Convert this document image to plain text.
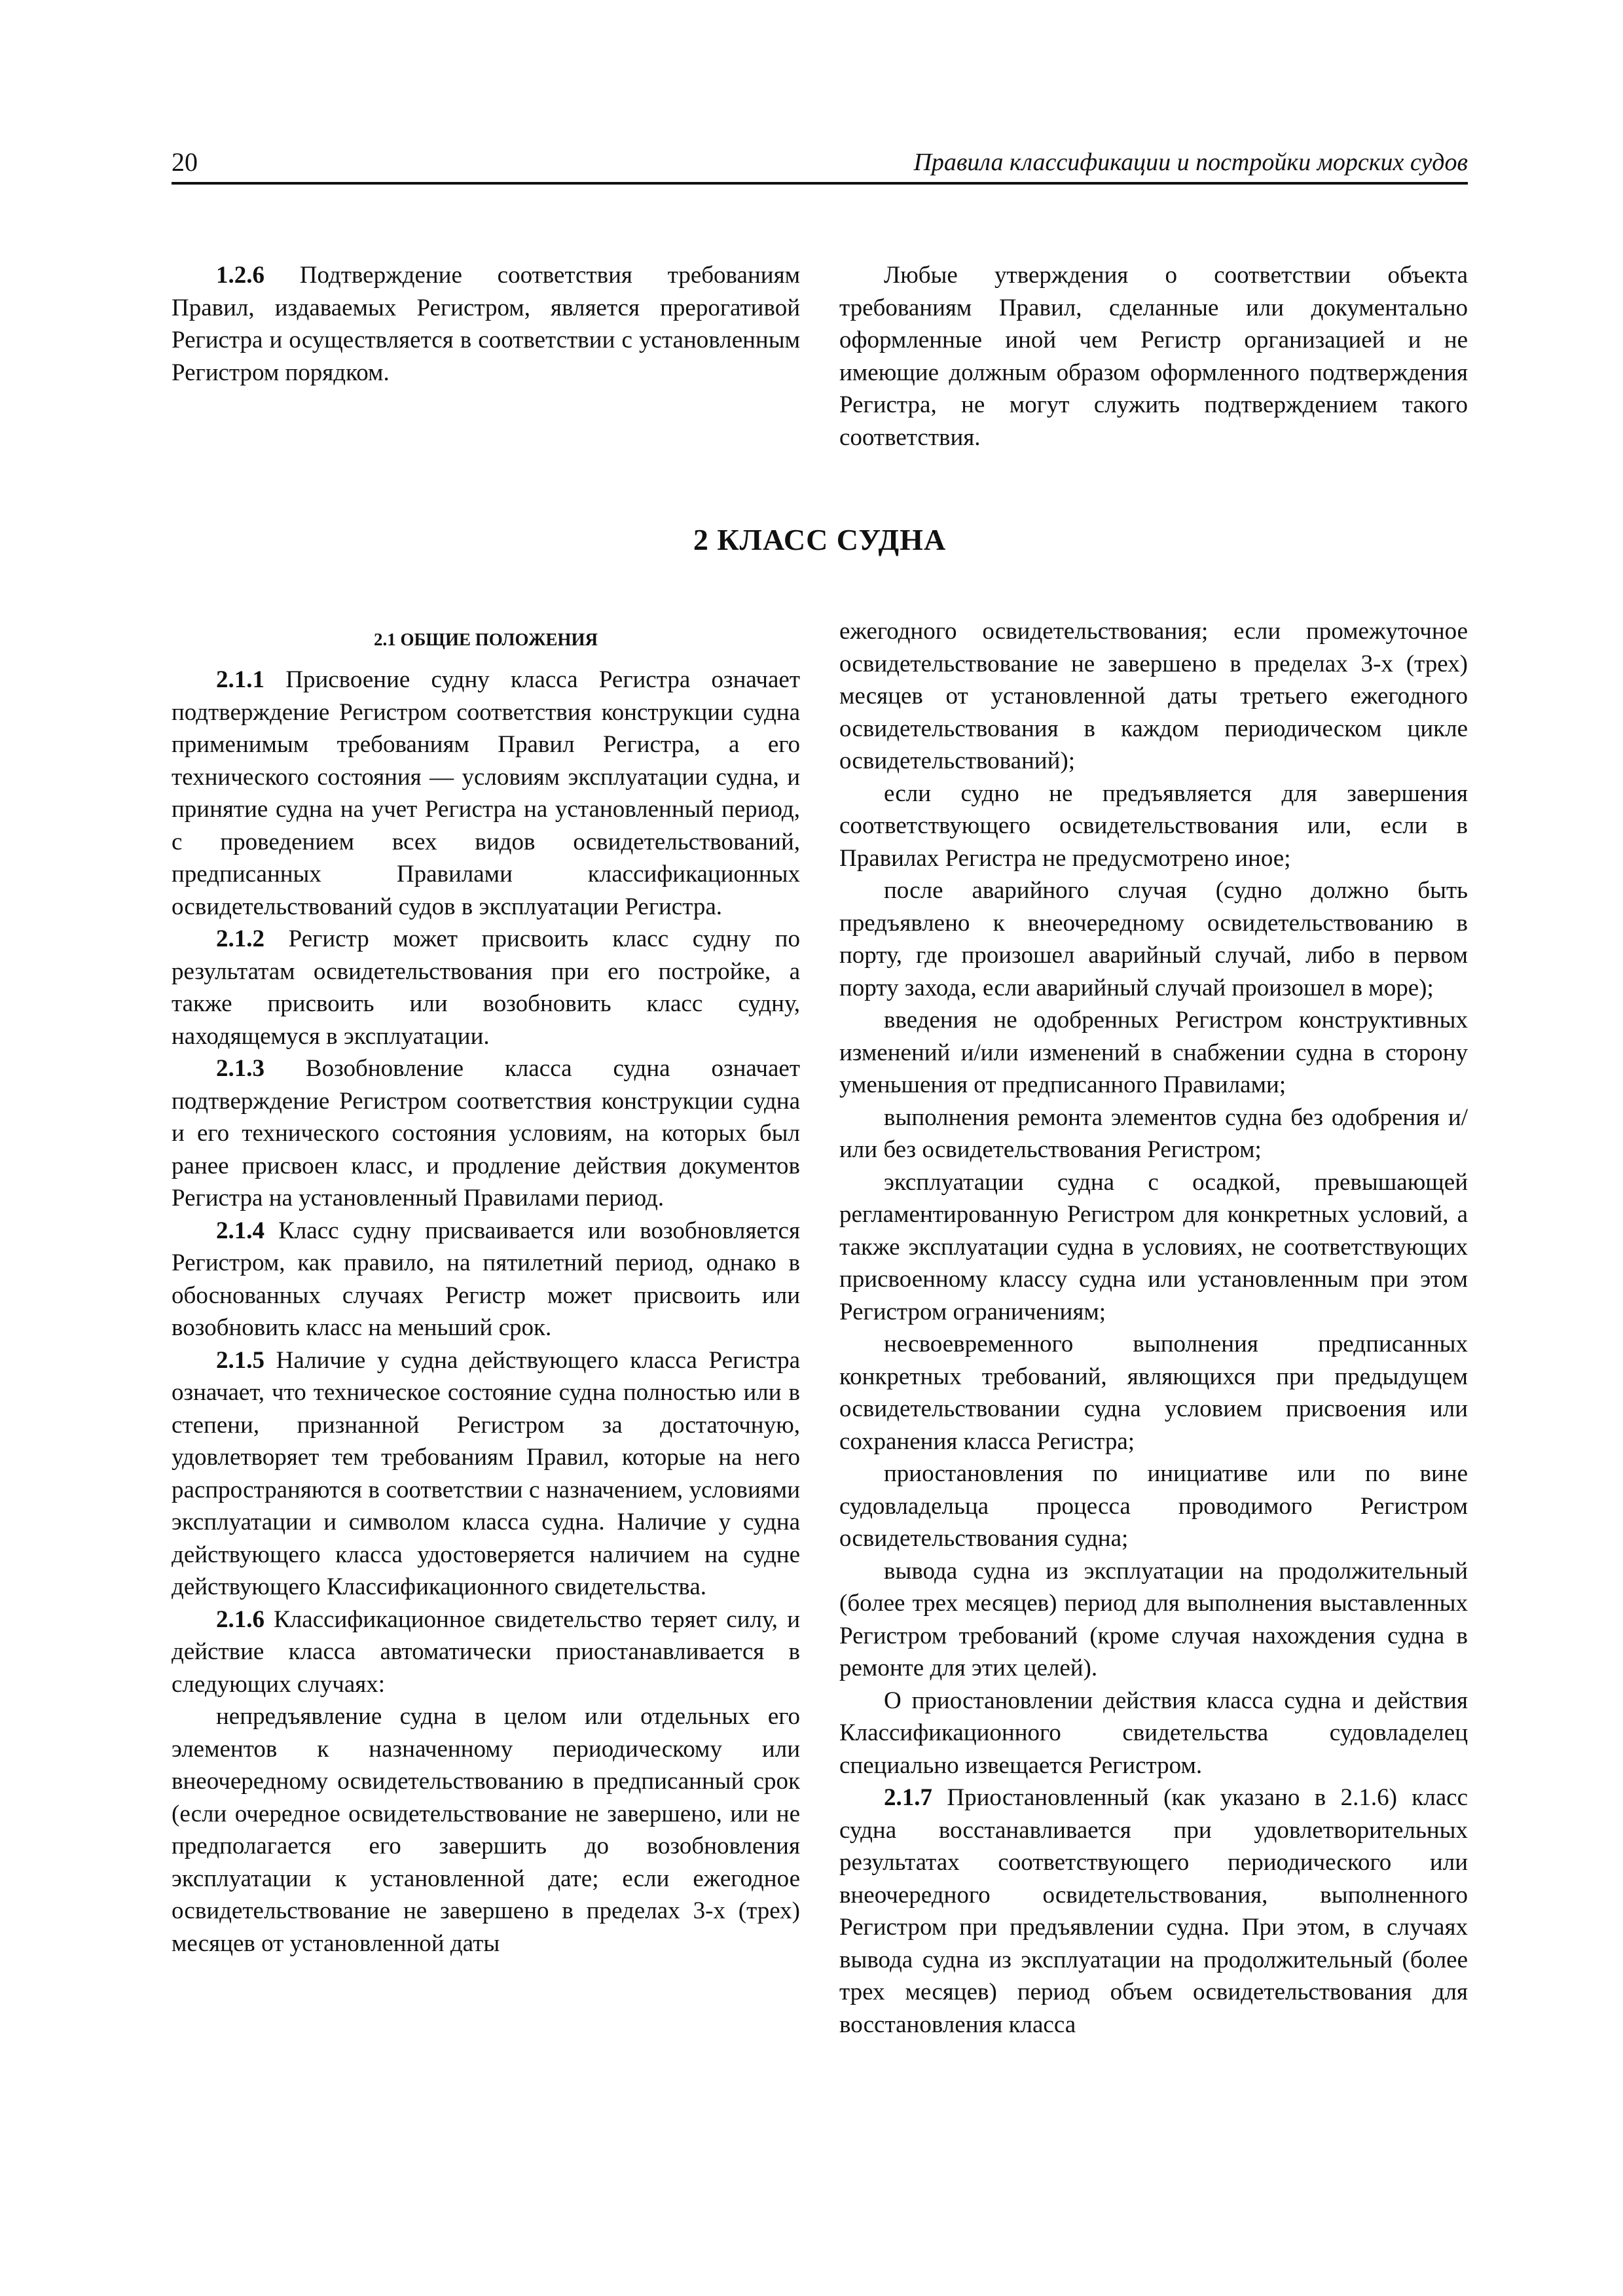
20	Правила классификации и постройки морских судов

1.2.6 Подтверждение соответствия требованиям Правил, издаваемых Регистром, является прерогативой Регистра и осуществляется в соответствии с установленным Регистром порядком.

Любые утверждения о соответствии объекта требованиям Правил, сделанные или документально оформленные иной чем Регистр организацией и не имеющие должным образом оформленного подтверждения Регистра, не могут служить подтверждением такого соответствия.

2 КЛАСС СУДНА

2.1 ОБЩИЕ ПОЛОЖЕНИЯ

2.1.1 Присвоение судну класса Регистра означает подтверждение Регистром соответствия конструкции судна применимым требованиям Правил Регистра, а его технического состояния — условиям эксплуатации судна, и принятие судна на учет Регистра на установленный период, с проведением всех видов освидетельствований, предписанных Правилами классификационных освидетельствований судов в эксплуатации Регистра.

2.1.2 Регистр может присвоить класс судну по результатам освидетельствования при его постройке, а также присвоить или возобновить класс судну, находящемуся в эксплуатации.

2.1.3 Возобновление класса судна означает подтверждение Регистром соответствия конструкции судна и его технического состояния условиям, на которых был ранее присвоен класс, и продление действия документов Регистра на установленный Правилами период.

2.1.4 Класс судну присваивается или возобновляется Регистром, как правило, на пятилетний период, однако в обоснованных случаях Регистр может присвоить или возобновить класс на меньший срок.

2.1.5 Наличие у судна действующего класса Регистра означает, что техническое состояние судна полностью или в степени, признанной Регистром за достаточную, удовлетворяет тем требованиям Правил, которые на него распространяются в соответствии с назначением, условиями эксплуатации и символом класса судна. Наличие у судна действующего класса удостоверяется наличием на судне действующего Классификационного свидетельства.

2.1.6 Классификационное свидетельство теряет силу, и действие класса автоматически приостанавливается в следующих случаях:

непредъявление судна в целом или отдельных его элементов к назначенному периодическому или внеочередному освидетельствованию в предписанный срок (если очередное освидетельствование не завершено, или не предполагается его завершить до возобновления эксплуатации к установленной дате; если ежегодное освидетельствование не завершено в пределах 3-х (трех) месяцев от установленной даты

ежегодного освидетельствования; если промежуточное освидетельствование не завершено в пределах 3-х (трех) месяцев от установленной даты третьего ежегодного освидетельствования в каждом периодическом цикле освидетельствований);

если судно не предъявляется для завершения соответствующего освидетельствования или, если в Правилах Регистра не предусмотрено иное;

после аварийного случая (судно должно быть предъявлено к внеочередному освидетельствованию в порту, где произошел аварийный случай, либо в первом порту захода, если аварийный случай произошел в море);

введения не одобренных Регистром конструктивных изменений и/или изменений в снабжении судна в сторону уменьшения от предписанного Правилами;

выполнения ремонта элементов судна без одобрения и/или без освидетельствования Регистром;

эксплуатации судна с осадкой, превышающей регламентированную Регистром для конкретных условий, а также эксплуатации судна в условиях, не соответствующих присвоенному классу судна или установленным при этом Регистром ограничениям;

несвоевременного выполнения предписанных конкретных требований, являющихся при предыдущем освидетельствовании судна условием присвоения или сохранения класса Регистра;

приостановления по инициативе или по вине судовладельца процесса проводимого Регистром освидетельствования судна;

вывода судна из эксплуатации на продолжительный (более трех месяцев) период для выполнения выставленных Регистром требований (кроме случая нахождения судна в ремонте для этих целей).

О приостановлении действия класса судна и действия Классификационного свидетельства судовладелец специально извещается Регистром.

2.1.7 Приостановленный (как указано в 2.1.6) класс судна восстанавливается при удовлетворительных результатах соответствующего периодического или внеочередного освидетельствования, выполненного Регистром при предъявлении судна. При этом, в случаях вывода судна из эксплуатации на продолжительный (более трех месяцев) период объем освидетельствования для восстановления класса
